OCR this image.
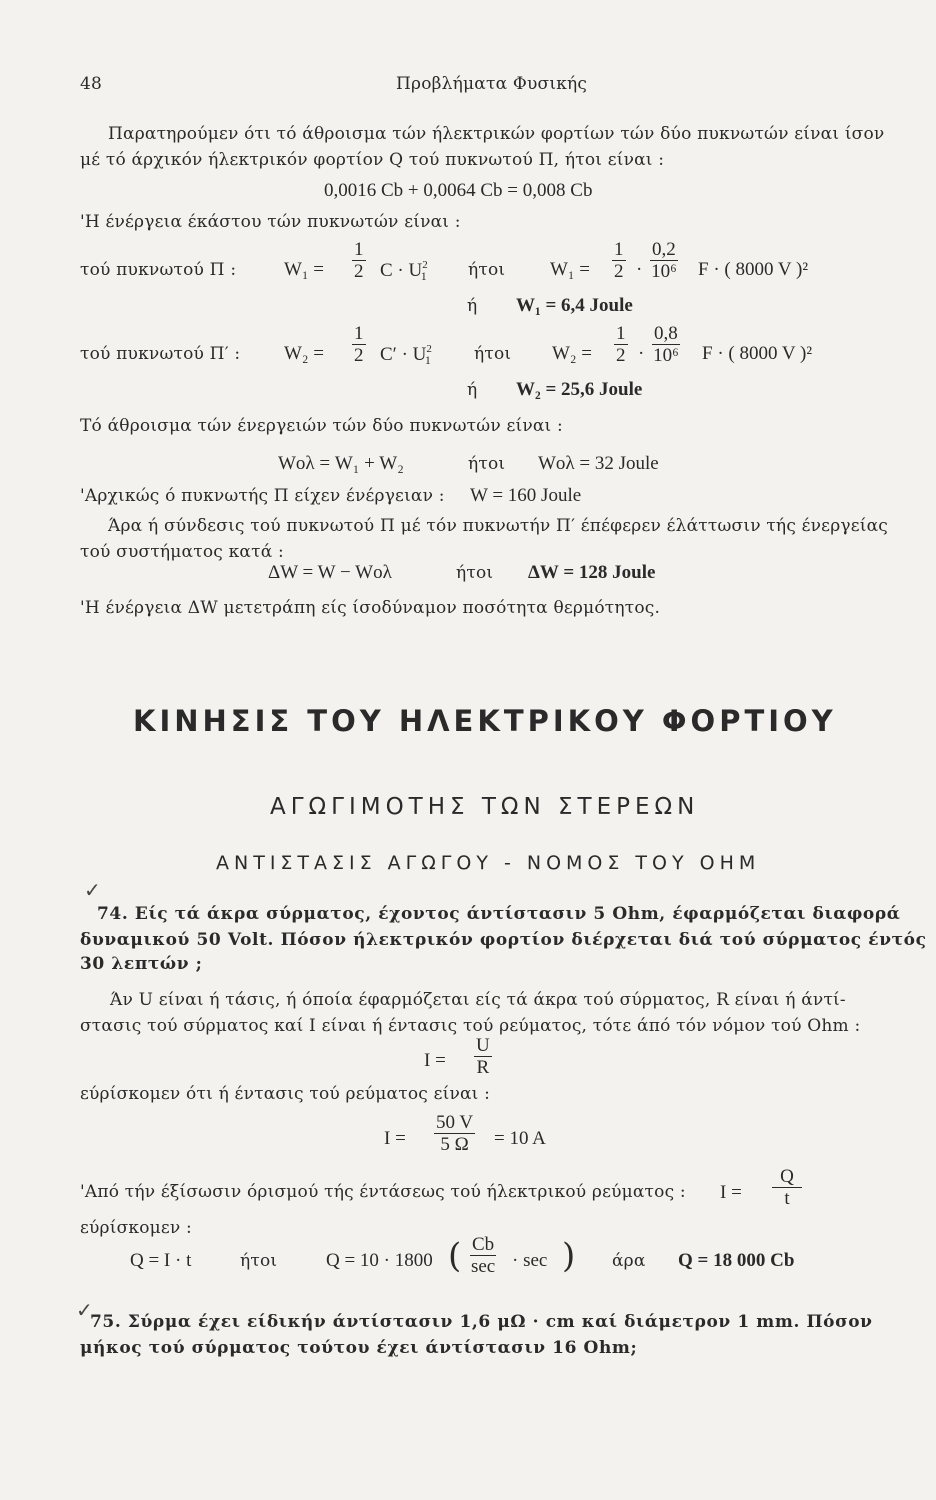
48	Προβλήματα Φυσικής
Παρατηρούμεν ότι τό άθροισμα τών ήλεκτρικών φορτίων τών δύο πυκνωτών είναι ίσον
μέ τό άρχικόν ήλεκτρικόν φορτίον Q τού πυκνωτού Π, ήτοι είναι :
0,0016 Cb + 0,0064 Cb = 0,008 Cb
'Η ένέργεια έκάστου τών πυκνωτών είναι :
τού πυκνωτού Π :	W₁ =
1
2 $C \cdot U^2_1$ ήτοι W₁ =
1
2 ·
0,2
10⁶ F · ( 8000 V )²
ή W₁ = 6,4 Joule
τού πυκνωτού Π′ : W₂ =
1
2 $C' \cdot U^2_1$	ήτοι W₂ =
1
2 ·
0,8
10⁶ F · ( 8000 V )²
ή W₂ = 25,6 Joule
Τό άθροισμα τών ένεργειών τών δύο πυκνωτών είναι :
Wολ = W₁ + W₂	ήτοι Wολ = 32 Joule
'Αρχικώς ό πυκνωτής Π είχεν ένέργειαν : W = 160 Joule
Άρα ή σύνδεσις τού πυκνωτού Π μέ τόν πυκνωτήν Π′ έπέφερεν έλάττωσιν τής ένεργείας
τού συστήματος κατά :
ΔW = W − Wολ	ήτοι ΔW = 128 Joule
'Η ένέργεια ΔW μετετράπη είς ίσοδύναμον ποσότητα θερμότητος.
ΚΙΝΗΣΙΣ ΤΟΥ ΗΛΕΚΤΡΙΚΟΥ ΦΟΡΤΙΟΥ
ΑΓΩΓΙΜΟΤΗΣ ΤΩΝ ΣΤΕΡΕΩΝ
ΑΝΤΙΣΤΑΣΙΣ ΑΓΩΓΟΥ - ΝΟΜΟΣ ΤΟΥ ΟΗΜ
✓
74. Είς τά άκρα σύρματος, έχοντος άντίστασιν 5 Ohm, έφαρμόζεται διαφορά
δυναμικού 50 Volt. Πόσον ήλεκτρικόν φορτίον διέρχεται διά τού σύρματος έντός
30 λεπτών ;
Άν U είναι ή τάσις, ή όποία έφαρμόζεται είς τά άκρα τού σύρματος, R είναι ή άντί-
στασις τού σύρματος καί I είναι ή έντασις τού ρεύματος, τότε άπό τόν νόμον τού Ohm :
I =
U
R
εύρίσκομεν ότι ή έντασις τού ρεύματος είναι :
I =
50 V
5 Ω = 10 A
'Από τήν έξίσωσιν όρισμού τής έντάσεως τού ήλεκτρικού ρεύματος : I =
Q
t
εύρίσκομεν :
Q = I · t	ήτοι	Q = 10 · 1800 ( Cb
sec · sec ) άρα Q = 18 000 Cb
✓
75. Σύρμα έχει είδικήν άντίστασιν 1,6 μΩ · cm καί διάμετρον 1 mm. Πόσον
μήκος τού σύρματος τούτου έχει άντίστασιν 16 Ohm;
